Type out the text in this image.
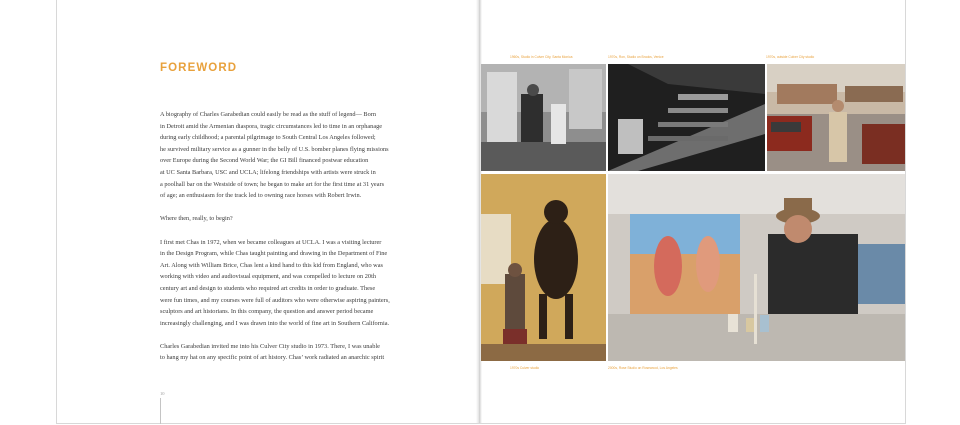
FOREWORD

A biography of Charles Garabedian could easily be read as the stuff of legend— Born
in Detroit amid the Armenian diaspora, tragic circumstances led to time in an orphanage
during early childhood; a parental pilgrimage to South Central Los Angeles followed;
he survived military service as a gunner in the belly of U.S. bomber planes flying missions
over Europe during the Second World War; the GI Bill financed postwar education
at UC Santa Barbara, USC and UCLA; lifelong friendships with artists were struck in
a poolhall bar on the Westside of town; he began to make art for the first time at 31 years
of age; an enthusiasm for the track led to owning race horses with Robert Irwin.

Where then, really, to begin?

I first met Chas in 1972, when we became colleagues at UCLA. I was a visiting lecturer
in the Design Program, while Chas taught painting and drawing in the Department of Fine
Art. Along with William Brice, Chas lent a kind hand to this kid from England, who was
working with video and audiovisual equipment, and was compelled to lecture on 20th
century art and design to students who required art credits in order to graduate. These
were fun times, and my courses were full of auditors who were otherwise aspiring painters,
sculptors and art historians. In this company, the question and answer period became
increasingly challenging, and I was drawn into the world of fine art in Southern California.

Charles Garabedian invited me into his Culver City studio in 1973. There, I was unable
to hang my hat on any specific point of art history. Chas’ work radiated an anarchic spirit

10
1960s, Studio in Culver City, Santa Monica	1970s, Ron, Studio on Brooks, Venice	1970s, outside Culver City studio
1970s Culver studio	2000s, Rose Studio on Rosewood, Los Angeles
